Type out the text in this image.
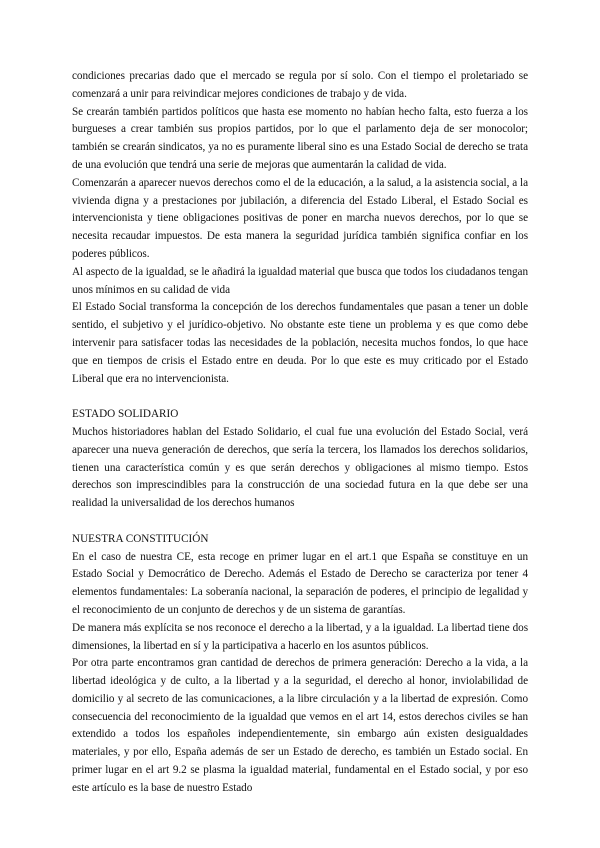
condiciones precarias dado que el mercado se regula por sí solo. Con el tiempo el proletariado se comenzará a unir para reivindicar mejores condiciones de trabajo y de vida.

Se crearán también partidos políticos que hasta ese momento no habían hecho falta, esto fuerza a los burgueses a crear también sus propios partidos, por lo que el parlamento deja de ser monocolor; también se crearán sindicatos, ya no es puramente liberal sino es una Estado Social de derecho se trata de una evolución que tendrá una serie de mejoras que aumentarán la calidad de vida.

Comenzarán a aparecer nuevos derechos como el de la educación, a la salud, a la asistencia social, a la vivienda digna y a prestaciones por jubilación, a diferencia del Estado Liberal, el Estado Social es intervencionista y tiene obligaciones positivas de poner en marcha nuevos derechos, por lo que se necesita recaudar impuestos. De esta manera la seguridad jurídica también significa confiar en los poderes públicos.

Al aspecto de la igualdad, se le añadirá la igualdad material que busca que todos los ciudadanos tengan unos mínimos en su calidad de vida

El Estado Social transforma la concepción de los derechos fundamentales que pasan a tener un doble sentido, el subjetivo y el jurídico-objetivo. No obstante este tiene un problema y es que como debe intervenir para satisfacer todas las necesidades de la población, necesita muchos fondos, lo que hace que en tiempos de crisis el Estado entre en deuda. Por lo que este es muy criticado por el Estado Liberal que era no intervencionista.

ESTADO SOLIDARIO

Muchos historiadores hablan del Estado Solidario, el cual fue una evolución del Estado Social, verá aparecer una nueva generación de derechos, que sería la tercera, los llamados los derechos solidarios, tienen una característica común y es que serán derechos y obligaciones al mismo tiempo. Estos derechos son imprescindibles para la construcción de una sociedad futura en la que debe ser una realidad la universalidad de los derechos humanos

NUESTRA CONSTITUCIÓN

En el caso de nuestra CE, esta recoge en primer lugar en el art.1 que España se constituye en un Estado Social y Democrático de Derecho. Además el Estado de Derecho se caracteriza por tener 4 elementos fundamentales: La soberanía nacional, la separación de poderes, el principio de legalidad y el reconocimiento de un conjunto de derechos y de un sistema de garantías.

De manera más explícita se nos reconoce el derecho a la libertad, y a la igualdad. La libertad tiene dos dimensiones, la libertad en sí y la participativa a hacerlo en los asuntos públicos.

Por otra parte encontramos gran cantidad de derechos de primera generación: Derecho a la vida, a la libertad ideológica y de culto, a la libertad y a la seguridad, el derecho al honor, inviolabilidad de domicilio y al secreto de las comunicaciones, a la libre circulación y a la libertad de expresión. Como consecuencia del reconocimiento de la igualdad que vemos en el art 14, estos derechos civiles se han extendido a todos los españoles independientemente, sin embargo aún existen desigualdades materiales, y por ello, España además de ser un Estado de derecho, es también un Estado social. En primer lugar en el art 9.2 se plasma la igualdad material, fundamental en el Estado social, y por eso este artículo es la base de nuestro Estado
